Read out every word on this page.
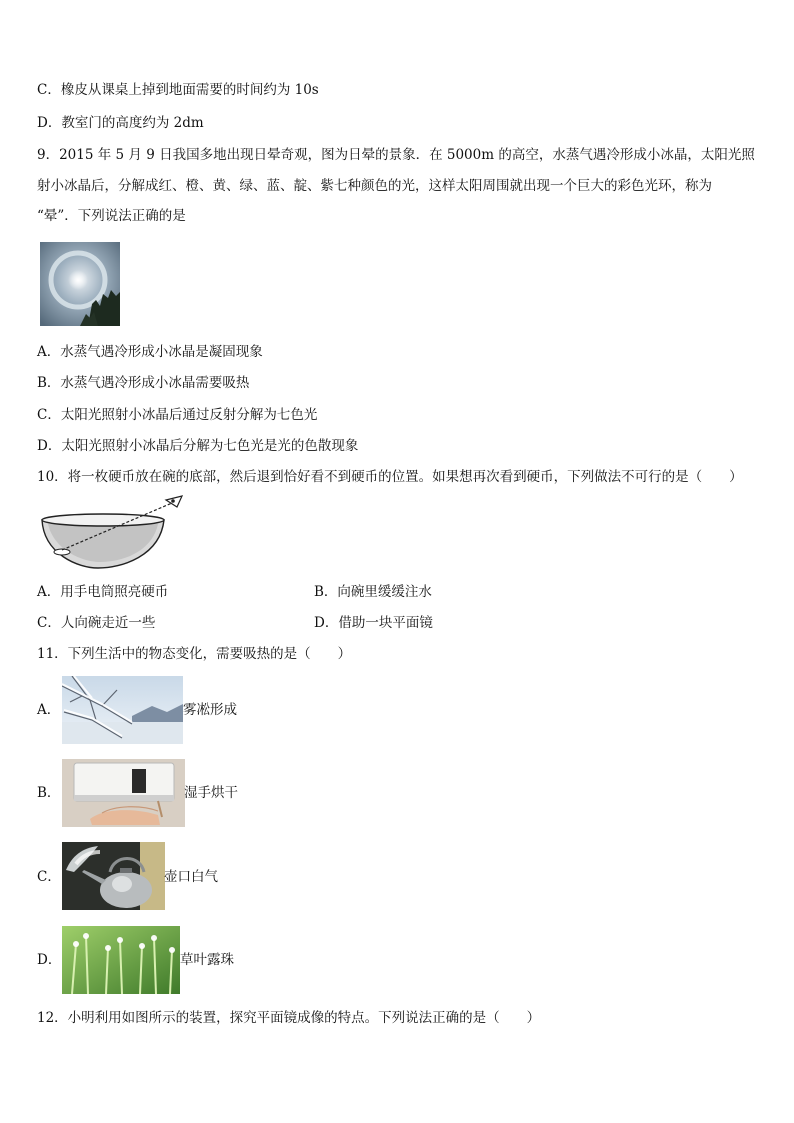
C．橡皮从课桌上掉到地面需要的时间约为 10s
D．教室门的高度约为 2dm
9．2015 年 5 月 9 日我国多地出现日晕奇观，图为日晕的景象．在 5000m 的高空，水蒸气遇冷形成小冰晶，太阳光照
射小冰晶后，分解成红、橙、黄、绿、蓝、靛、紫七种颜色的光，这样太阳周围就出现一个巨大的彩色光环，称为
“晕”．下列说法正确的是
A．水蒸气遇冷形成小冰晶是凝固现象
B．水蒸气遇冷形成小冰晶需要吸热
C．太阳光照射小冰晶后通过反射分解为七色光
D．太阳光照射小冰晶后分解为七色光是光的色散现象
10．将一枚硬币放在碗的底部，然后退到恰好看不到硬币的位置。如果想再次看到硬币，下列做法不可行的是（　　）
A．用手电筒照亮硬币	B．向碗里缓缓注水
C．人向碗走近一些	D．借助一块平面镜
11．下列生活中的物态变化，需要吸热的是（　　）
A．	雾凇形成
B．	湿手烘干
C．	壶口白气
D．	草叶露珠
12．小明利用如图所示的装置，探究平面镜成像的特点。下列说法正确的是（　　）
